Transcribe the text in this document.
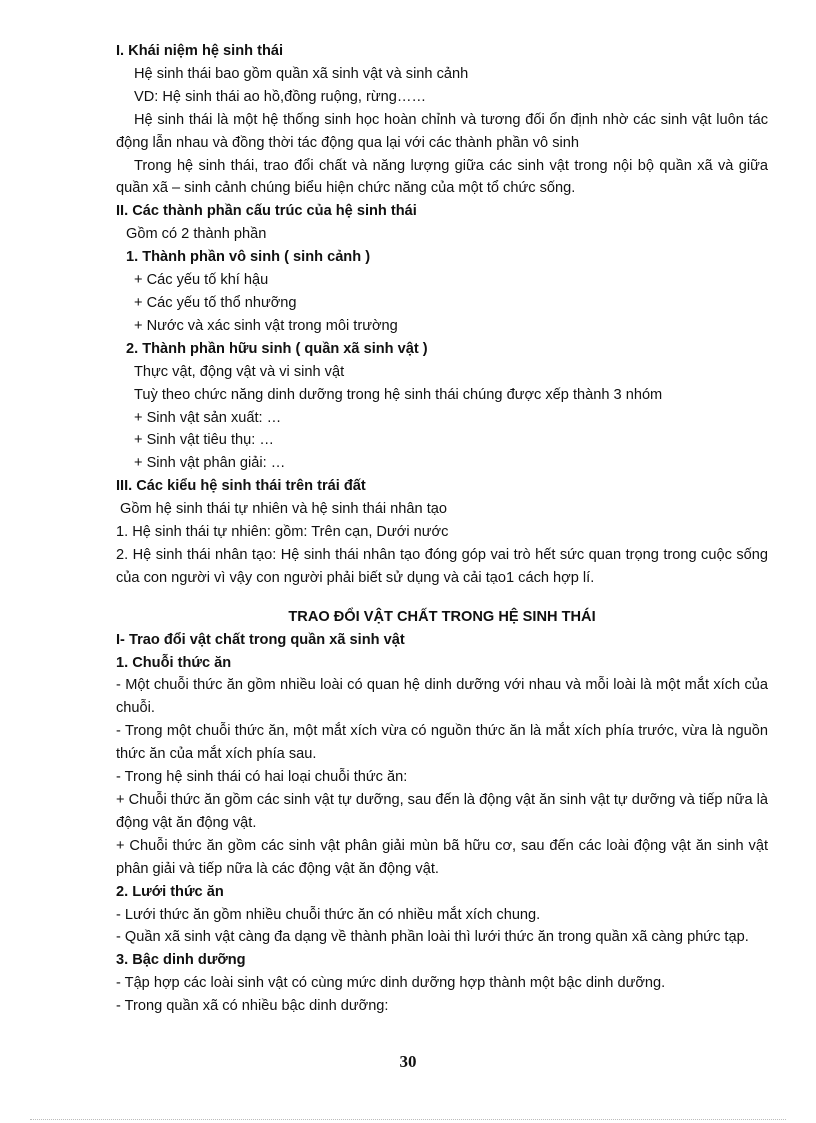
I. Khái niệm hệ sinh thái

Hệ sinh thái bao gồm quần xã sinh vật và sinh cảnh

VD: Hệ sinh thái ao hồ,đồng ruộng, rừng……

Hệ sinh thái là một hệ thống sinh học hoàn chỉnh và tương đối ổn định nhờ các sinh vật luôn tác động lẫn nhau và đồng thời tác động qua lại với các thành phần vô sinh

Trong hệ sinh thái, trao đổi chất và năng lượng giữa các sinh vật trong nội bộ quần xã và giữa quần xã – sinh cảnh chúng biểu hiện chức năng của một tổ chức sống.

II. Các thành phần cấu trúc của hệ sinh thái

Gồm có 2 thành phần

1. Thành phần vô sinh ( sinh cảnh )

+ Các yếu tố khí hậu

+ Các yếu tố thổ nhưỡng

+ Nước và xác sinh vật trong môi trường

2. Thành phần hữu sinh ( quần xã sinh vật )

Thực vật, động vật và vi sinh vật

Tuỳ theo chức năng dinh dưỡng trong hệ sinh thái chúng được xếp thành 3 nhóm

+ Sinh vật sản xuất: …

+ Sinh vật tiêu thụ: …

+ Sinh vật phân giải: …

III. Các kiểu hệ sinh thái trên trái đất

Gồm hệ sinh thái tự nhiên và hệ sinh thái nhân tạo

1. Hệ sinh thái tự nhiên: gồm: Trên cạn, Dưới nước

2. Hệ sinh thái nhân tạo: Hệ sinh thái nhân tạo đóng góp vai trò hết sức quan trọng trong cuộc sống của con người vì vậy con người phải biết sử dụng và cải tạo1 cách hợp lí.

TRAO ĐỔI VẬT CHẤT TRONG HỆ SINH THÁI

I- Trao đổi vật chất trong quần xã sinh vật

1. Chuỗi thức ăn

- Một chuỗi thức ăn gồm nhiều loài có quan hệ dinh dưỡng với nhau và mỗi loài là một mắt xích của chuỗi.

- Trong một chuỗi thức ăn, một mắt xích vừa có nguồn thức ăn là mắt xích phía trước, vừa là nguồn thức ăn của mắt xích phía sau.

- Trong hệ sinh thái có hai loại chuỗi thức ăn:

+ Chuỗi thức ăn gồm các sinh vật tự dưỡng, sau đến là động vật ăn sinh vật tự dưỡng và tiếp nữa là động vật ăn động vật.

+ Chuỗi thức ăn gồm các sinh vật phân giải mùn bã hữu cơ, sau đến các loài động vật ăn sinh vật phân giải và tiếp nữa là các động vật ăn động vật.

2. Lưới thức ăn

- Lưới thức ăn gồm nhiều chuỗi thức ăn có nhiều mắt xích chung.

- Quần xã sinh vật càng đa dạng về thành phần loài thì lưới thức ăn trong quần xã càng phức tạp.

3. Bậc dinh dưỡng

- Tập hợp các loài sinh vật có cùng mức dinh dưỡng hợp thành một bậc dinh dưỡng.

- Trong quần xã có nhiều bậc dinh dưỡng:

30
